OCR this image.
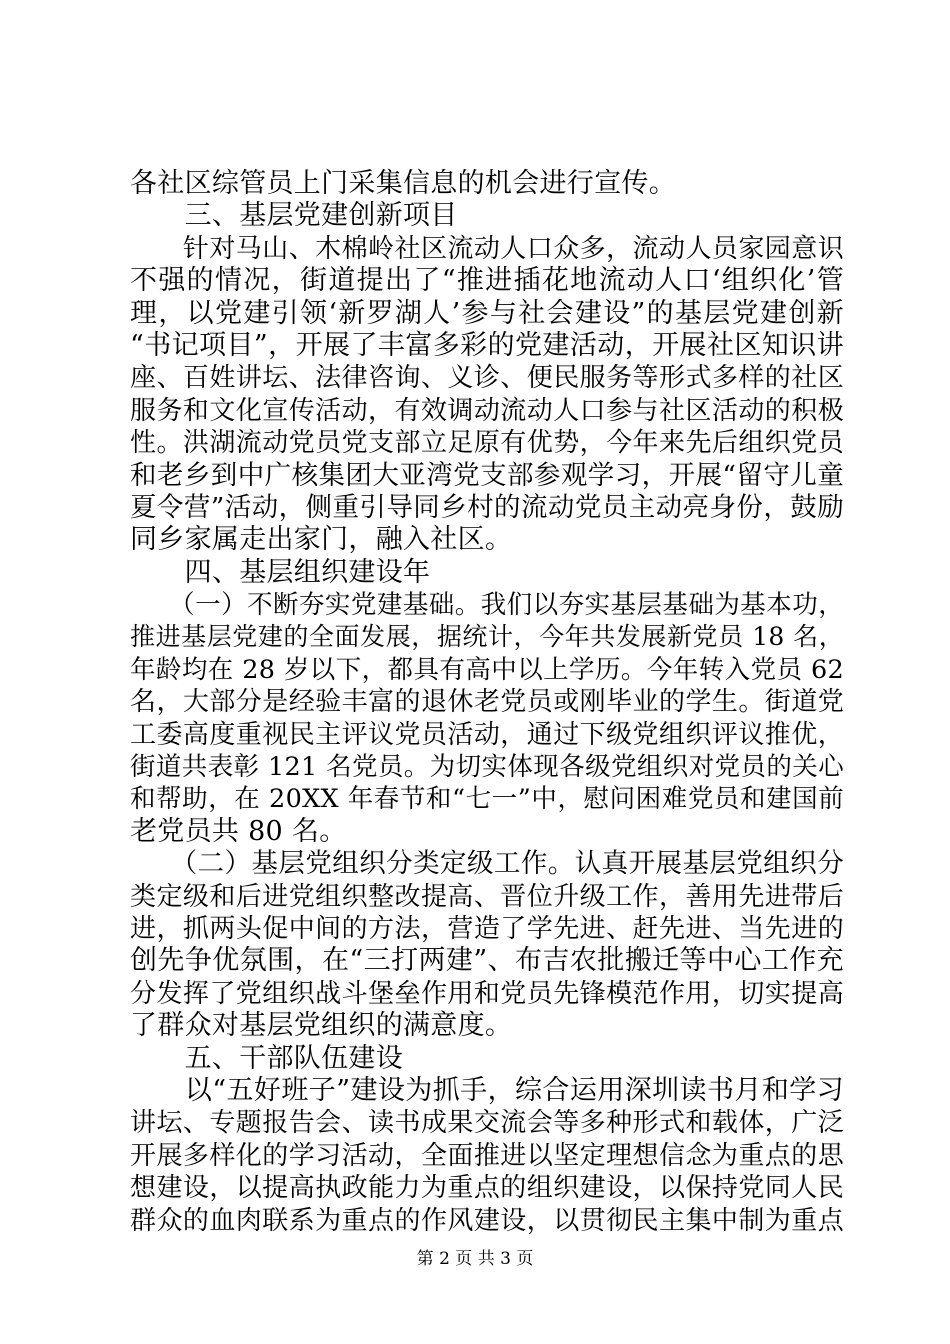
各社区综管员上门采集信息的机会进行宣传。
　　三、基层党建创新项目
　　针对马山、木棉岭社区流动人口众多，流动人员家园意识
不强的情况，街道提出了“推进插花地流动人口‘组织化’管
理，以党建引领‘新罗湖人’参与社会建设”的基层党建创新
“书记项目”，开展了丰富多彩的党建活动，开展社区知识讲
座、百姓讲坛、法律咨询、义诊、便民服务等形式多样的社区
服务和文化宣传活动，有效调动流动人口参与社区活动的积极
性。洪湖流动党员党支部立足原有优势，今年来先后组织党员
和老乡到中广核集团大亚湾党支部参观学习，开展“留守儿童
夏令营”活动，侧重引导同乡村的流动党员主动亮身份，鼓励
同乡家属走出家门，融入社区。
　　四、基层组织建设年
　　（一）不断夯实党建基础。我们以夯实基层基础为基本功，
推进基层党建的全面发展，据统计，今年共发展新党员 18 名，
年龄均在 28 岁以下，都具有高中以上学历。今年转入党员 62
名，大部分是经验丰富的退休老党员或刚毕业的学生。街道党
工委高度重视民主评议党员活动，通过下级党组织评议推优，
街道共表彰 121 名党员。为切实体现各级党组织对党员的关心
和帮助，在 20XX 年春节和“七一”中，慰问困难党员和建国前
老党员共 80 名。
　　（二）基层党组织分类定级工作。认真开展基层党组织分
类定级和后进党组织整改提高、晋位升级工作，善用先进带后
进，抓两头促中间的方法，营造了学先进、赶先进、当先进的
创先争优氛围，在“三打两建”、布吉农批搬迁等中心工作充
分发挥了党组织战斗堡垒作用和党员先锋模范作用，切实提高
了群众对基层党组织的满意度。
　　五、干部队伍建设
　　以“五好班子”建设为抓手，综合运用深圳读书月和学习
讲坛、专题报告会、读书成果交流会等多种形式和载体，广泛
开展多样化的学习活动，全面推进以坚定理想信念为重点的思
想建设，以提高执政能力为重点的组织建设，以保持党同人民
群众的血肉联系为重点的作风建设，以贯彻民主集中制为重点
第 2 页 共 3 页
